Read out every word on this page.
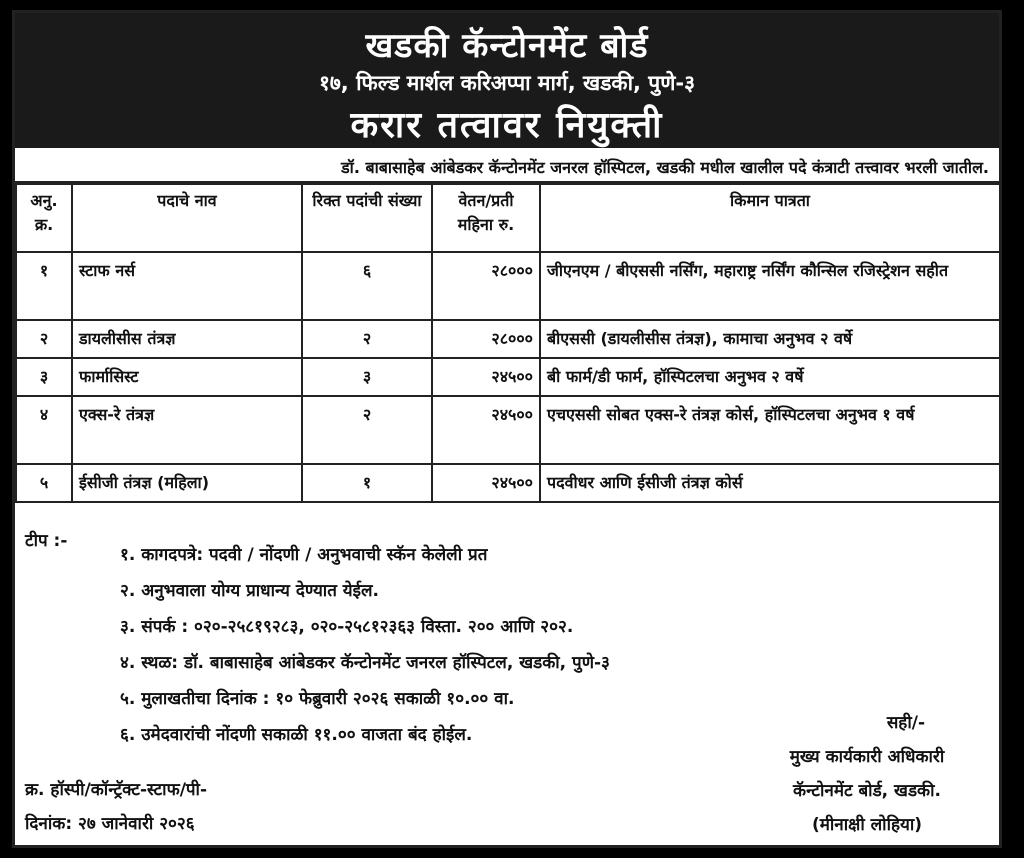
खडकी कॅन्टोनमेंट बोर्ड
१७, फिल्ड मार्शल करिअप्पा मार्ग, खडकी, पुणे-३
करार तत्वावर नियुक्ती
डॉ. बाबासाहेब आंबेडकर कॅन्टोनमेंट जनरल हॉस्पिटल, खडकी मधील खालील पदे कंत्राटी तत्त्वावर भरली जातील.
अनु. क्र.	पदाचे नाव	रिक्त पदांची संख्या	वेतन/प्रती महिना रु.	किमान पात्रता
१	स्टाफ नर्स	६	२८०००	जीएनएम / बीएससी नर्सिंग, महाराष्ट्र नर्सिंग कौन्सिल रजिस्ट्रेशन सहीत
२	डायलीसीस तंत्रज्ञ	२	२८०००	बीएससी (डायलीसीस तंत्रज्ञ), कामाचा अनुभव २ वर्षे
३	फार्मासिस्ट	३	२४५००	बी फार्म/डी फार्म, हॉस्पिटलचा अनुभव २ वर्षे
४	एक्स-रे तंत्रज्ञ	२	२४५००	एचएससी सोबत एक्स-रे तंत्रज्ञ कोर्स, हॉस्पिटलचा अनुभव १ वर्ष
५	ईसीजी तंत्रज्ञ (महिला)	१	२४५००	पदवीधर आणि ईसीजी तंत्रज्ञ कोर्स
टीप :-
१. कागदपत्रे: पदवी / नोंदणी / अनुभवाची स्कॅन केलेली प्रत
२. अनुभवाला योग्य प्राधान्य देण्यात येईल.
३. संपर्क : ०२०-२५८१९२८३, ०२०-२५८१२३६३ विस्ता. २०० आणि २०२.
४. स्थळ: डॉ. बाबासाहेब आंबेडकर कॅन्टोनमेंट जनरल हॉस्पिटल, खडकी, पुणे-३
५. मुलाखतीचा दिनांक : १० फेब्रुवारी २०२६ सकाळी १०.०० वा.
६. उमेदवारांची नोंदणी सकाळी ११.०० वाजता बंद होईल.
सही/-
मुख्य कार्यकारी अधिकारी
कॅन्टोनमेंट बोर्ड, खडकी.
(मीनाक्षी लोहिया)
क्र. हॉस्पी/कॉन्ट्रॅक्ट-स्टाफ/पी-
दिनांक: २७ जानेवारी २०२६
